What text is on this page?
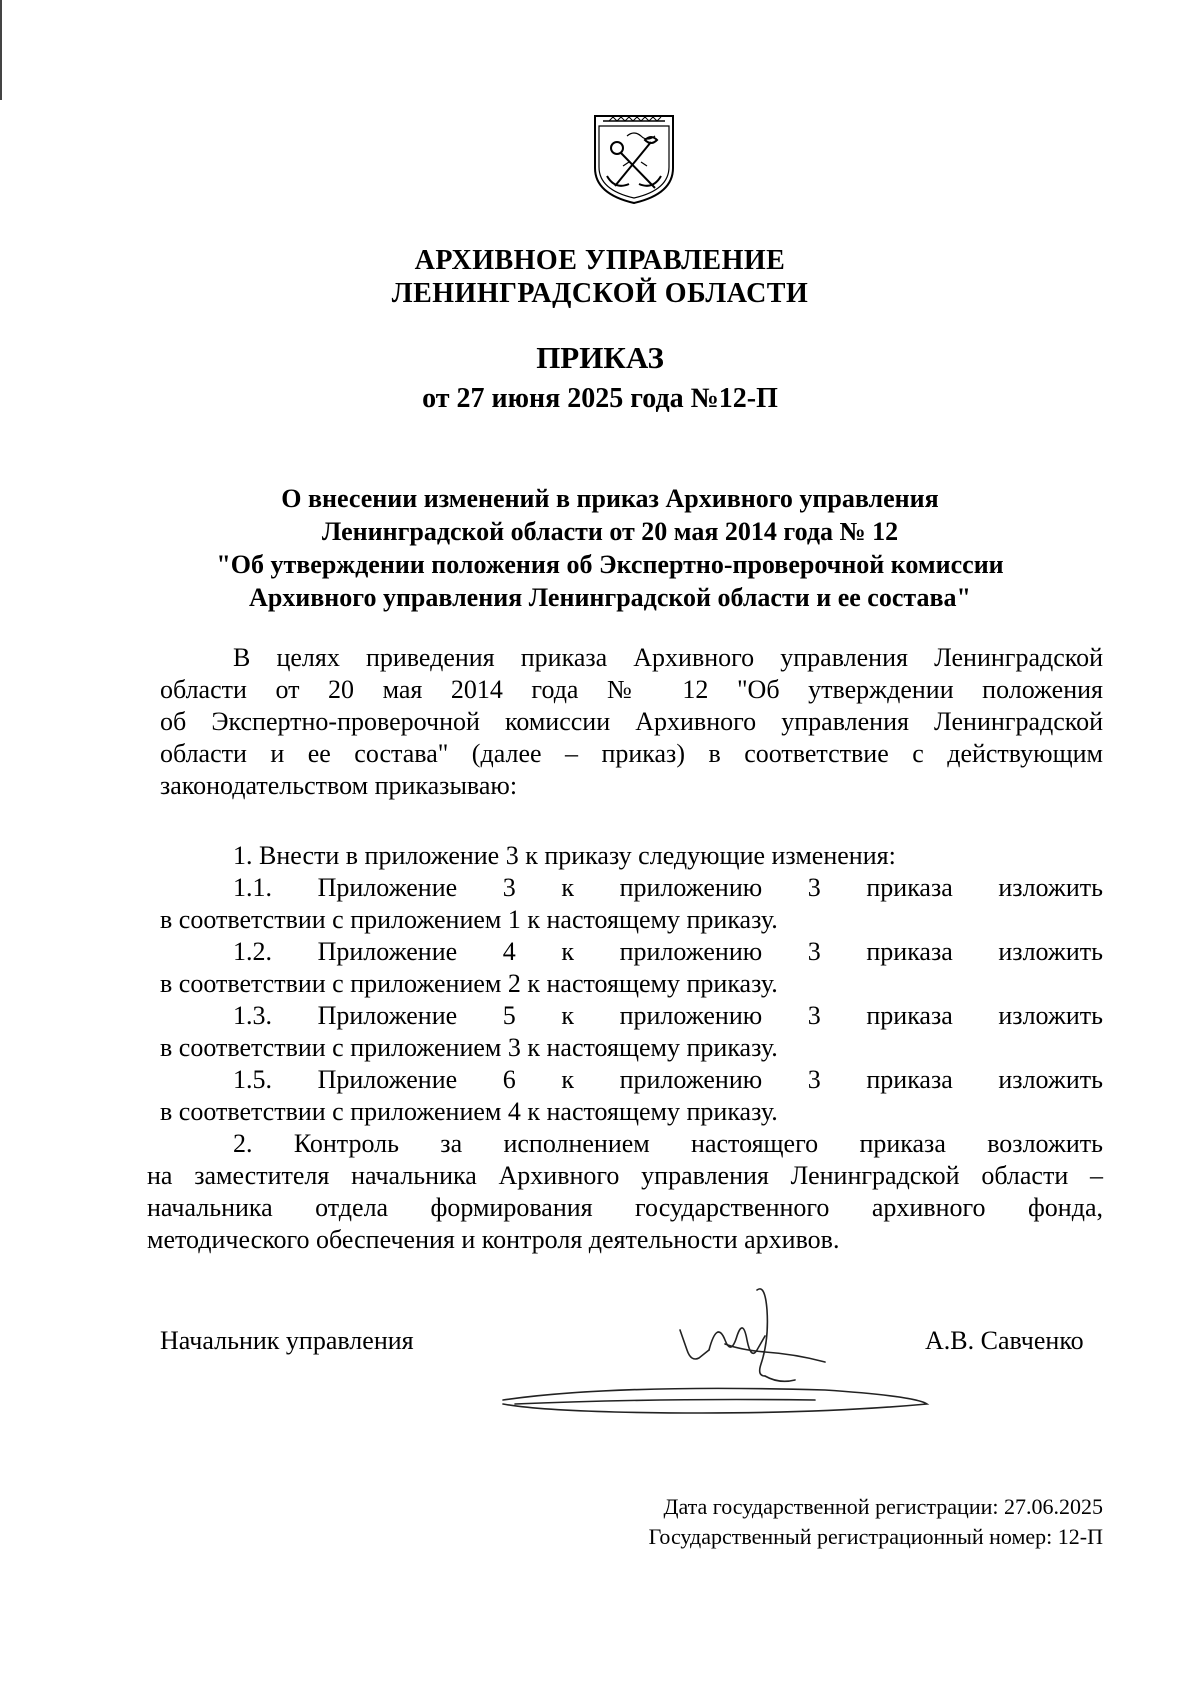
АРХИВНОЕ УПРАВЛЕНИЕ
ЛЕНИНГРАДСКОЙ ОБЛАСТИ
ПРИКАЗ
от 27 июня 2025 года №12-П
О внесении изменений в приказ Архивного управления
Ленинградской области от 20 мая 2014 года № 12
"Об утверждении положения об Экспертно-проверочной комиссии
Архивного управления Ленинградской области и ее состава"
В целях приведения приказа Архивного управления Ленинградской
области от 20 мая 2014 года № 12 "Об утверждении положения
об Экспертно-проверочной комиссии Архивного управления Ленинградской
области и ее состава" (далее – приказ) в соответствие с действующим
законодательством приказываю:
1. Внести в приложение 3 к приказу следующие изменения:
1.1. Приложение 3 к приложению 3 приказа изложить
в соответствии с приложением 1 к настоящему приказу.
1.2. Приложение 4 к приложению 3 приказа изложить
в соответствии с приложением 2 к настоящему приказу.
1.3. Приложение 5 к приложению 3 приказа изложить
в соответствии с приложением 3 к настоящему приказу.
1.5. Приложение 6 к приложению 3 приказа изложить
в соответствии с приложением 4 к настоящему приказу.
2. Контроль за исполнением настоящего приказа возложить
на заместителя начальника Архивного управления Ленинградской области –
начальника отдела формирования государственного архивного фонда,
методического обеспечения и контроля деятельности архивов.
Начальник управления	А.В. Савченко
Дата государственной регистрации: 27.06.2025
Государственный регистрационный номер: 12-П
